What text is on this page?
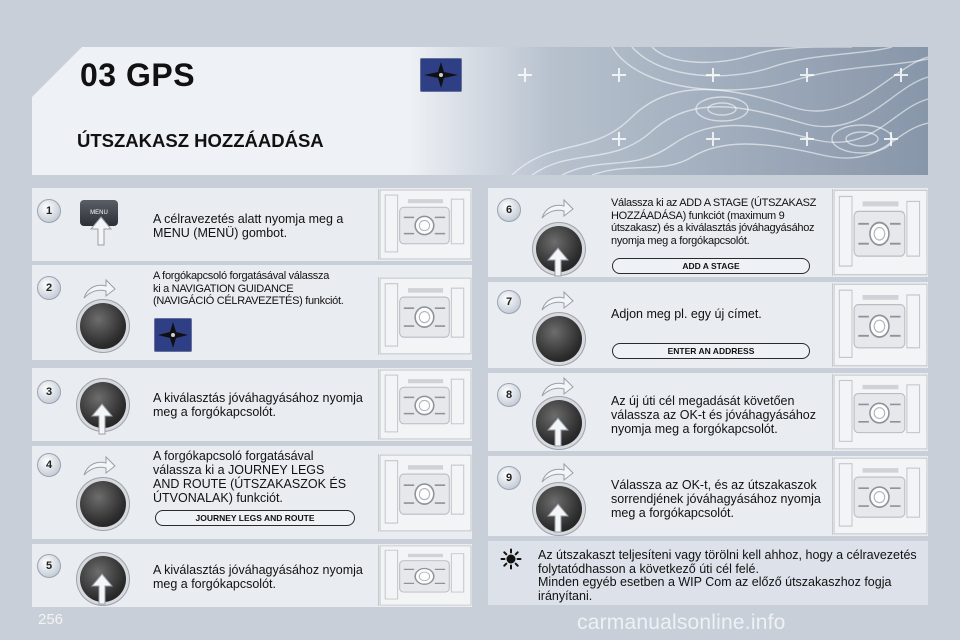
03 GPS
ÚTSZAKASZ HOZZÁADÁSA
1
2
3
4
5
6
7
8
9
MENU	A célravezetés alatt nyomja meg a
MENU (MENÜ) gombot.
A forgókapcsoló forgatásával válassza
ki a NAVIGATION GUIDANCE
(NAVIGÁCIÓ CÉLRAVEZETÉS) funkciót.
A kiválasztás jóváhagyásához nyomja
meg a forgókapcsolót.
A forgókapcsoló forgatásával
válassza ki a JOURNEY LEGS
AND ROUTE (ÚTSZAKASZOK ÉS
ÚTVONALAK) funkciót.
JOURNEY LEGS AND ROUTE
A kiválasztás jóváhagyásához nyomja
meg a forgókapcsolót.
Válassza ki az ADD A STAGE (ÚTSZAKASZ
HOZZÁADÁSA) funkciót (maximum 9
útszakasz) és a kiválasztás jóváhagyásához
nyomja meg a forgókapcsolót.
ADD A STAGE
Adjon meg pl. egy új címet.
ENTER AN ADDRESS
Az új úti cél megadását követően
válassza az OK-t és jóváhagyásához
nyomja meg a forgókapcsolót.
Válassza az OK-t, és az útszakaszok
sorrendjének jóváhagyásához nyomja
meg a forgókapcsolót.
Az útszakaszt teljesíteni vagy törölni kell ahhoz, hogy a célravezetés
folytatódhasson a következő úti cél felé.
Minden egyéb esetben a WIP Com az előző útszakaszhoz fogja
irányítani.
256	carmanualsonline.info
